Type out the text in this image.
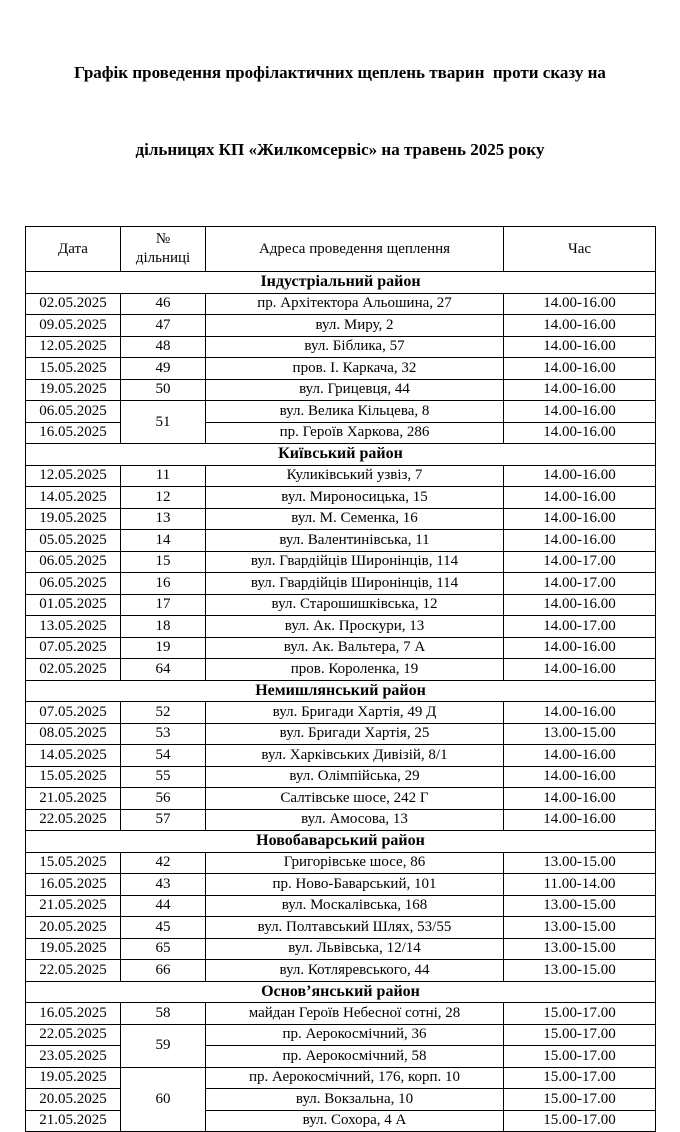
Графік проведення профілактичних щеплень тварин  проти сказу на

дільницях КП «Жилкомсервіс» на травень 2025 року

Дата	№ дільниці	Адреса проведення щеплення	Час
Індустріальний район			
02.05.2025	46	пр. Архітектора Альошина, 27	14.00-16.00
09.05.2025	47	вул. Миру, 2	14.00-16.00
12.05.2025	48	вул. Біблика, 57	14.00-16.00
15.05.2025	49	пров. І. Каркача, 32	14.00-16.00
19.05.2025	50	вул. Грицевця, 44	14.00-16.00
06.05.2025	51	вул. Велика Кільцева, 8	14.00-16.00
16.05.2025		пр. Героїв Харкова, 286	14.00-16.00
Київський район			
12.05.2025	11	Куликівський узвіз, 7	14.00-16.00
14.05.2025	12	вул. Мироносицька, 15	14.00-16.00
19.05.2025	13	вул. М. Семенка, 16	14.00-16.00
05.05.2025	14	вул. Валентинівська, 11	14.00-16.00
06.05.2025	15	вул. Гвардійців Широнінців, 114	14.00-17.00
06.05.2025	16	вул. Гвардійців Широнінців, 114	14.00-17.00
01.05.2025	17	вул. Старошишківська, 12	14.00-16.00
13.05.2025	18	вул. Ак. Проскури, 13	14.00-17.00
07.05.2025	19	вул. Ак. Вальтера, 7 А	14.00-16.00
02.05.2025	64	пров. Короленка, 19	14.00-16.00
Немишлянський район			
07.05.2025	52	вул. Бригади Хартія, 49 Д	14.00-16.00
08.05.2025	53	вул. Бригади Хартія, 25	13.00-15.00
14.05.2025	54	вул. Харківських Дивізій, 8/1	14.00-16.00
15.05.2025	55	вул. Олімпійська, 29	14.00-16.00
21.05.2025	56	Салтівське шосе, 242 Г	14.00-16.00
22.05.2025	57	вул. Амосова, 13	14.00-16.00
Новобаварський район			
15.05.2025	42	Григорівське шосе, 86	13.00-15.00
16.05.2025	43	пр. Ново-Баварський, 101	11.00-14.00
21.05.2025	44	вул. Москалівська, 168	13.00-15.00
20.05.2025	45	вул. Полтавський Шлях, 53/55	13.00-15.00
19.05.2025	65	вул. Львівська, 12/14	13.00-15.00
22.05.2025	66	вул. Котляревського, 44	13.00-15.00
Основ’янський район			
16.05.2025	58	майдан Героїв Небесної сотні, 28	15.00-17.00
22.05.2025	59	пр. Аерокосмічний, 36	15.00-17.00
23.05.2025		пр. Аерокосмічний, 58	15.00-17.00
19.05.2025	60	пр. Аерокосмічний, 176, корп. 10	15.00-17.00
20.05.2025		вул. Вокзальна, 10	15.00-17.00
21.05.2025		вул. Сохора, 4 А	15.00-17.00
